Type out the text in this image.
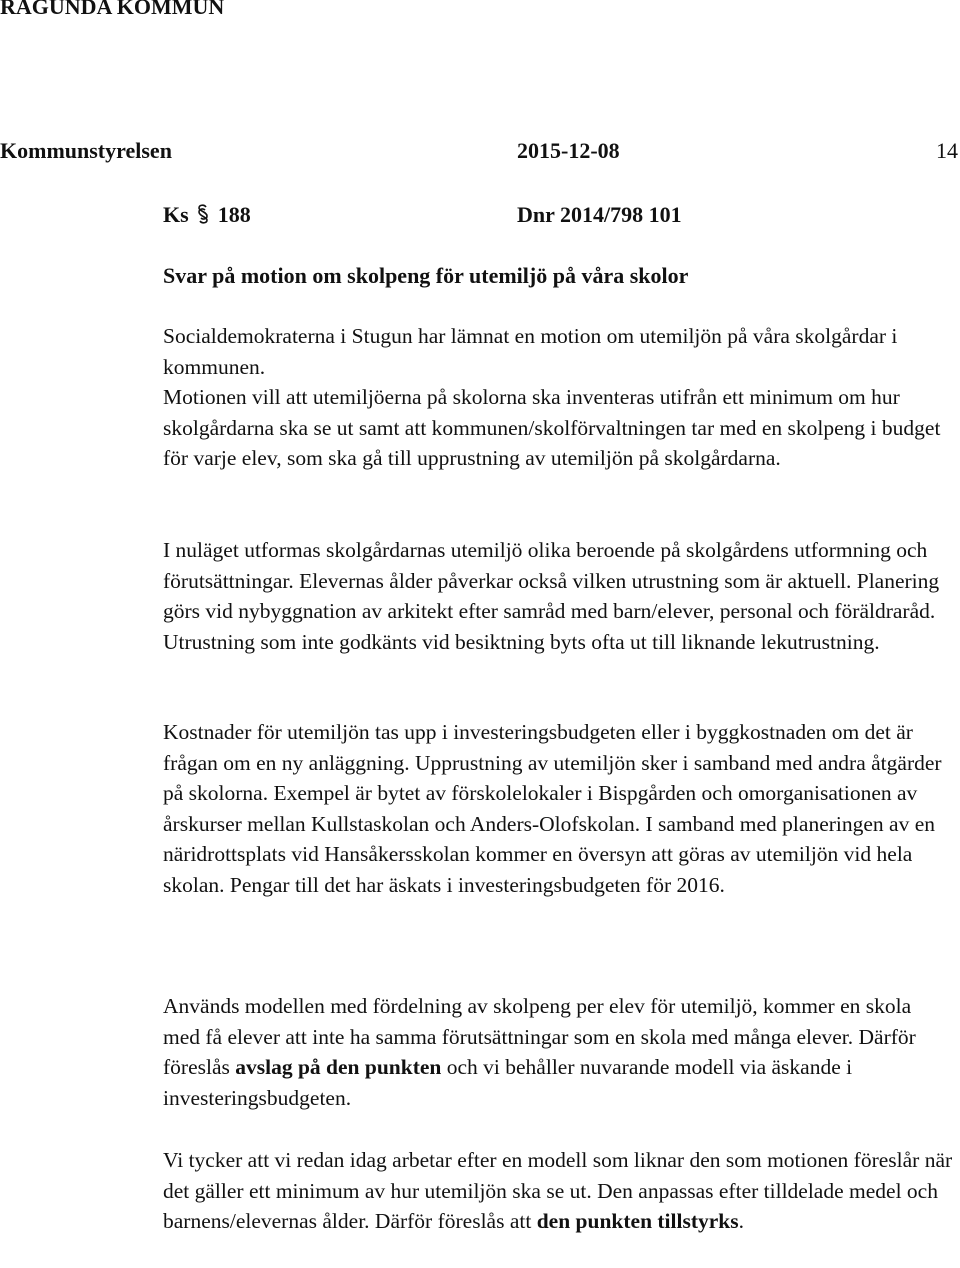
RAGUNDA KOMMUN
Kommunstyrelsen	2015-12-08	14
Ks 188	Dnr 2014/798 101
Svar på motion om skolpeng för utemiljö på våra skolor

Socialdemokraterna i Stugun har lämnat en motion om utemiljön på våra skolgårdar i kommunen.

Motionen vill att utemiljöerna på skolorna ska inventeras utifrån ett minimum om hur skolgårdarna ska se ut samt att kommunen/skolförvaltningen tar med en skolpeng i budget för varje elev, som ska gå till upprustning av utemiljön på skolgårdarna.

I nuläget utformas skolgårdarnas utemiljö olika beroende på skolgårdens utformning och förutsättningar. Elevernas ålder påverkar också vilken utrustning som är aktuell. Planering görs vid nybyggnation av arkitekt efter samråd med barn/elever, personal och föräldraråd. Utrustning som inte godkänts vid besiktning byts ofta ut till liknande lekutrustning.

Kostnader för utemiljön tas upp i investeringsbudgeten eller i byggkostnaden om det är frågan om en ny anläggning. Upprustning av utemiljön sker i samband med andra åtgärder på skolorna. Exempel är bytet av förskolelokaler i Bispgården och omorganisationen av årskurser mellan Kullstaskolan och Anders-Olofskolan. I samband med planeringen av en näridrottsplats vid Hansåkersskolan kommer en översyn att göras av utemiljön vid hela skolan. Pengar till det har äskats i investeringsbudgeten för 2016.

Används modellen med fördelning av skolpeng per elev för utemiljö, kommer en skola med få elever att inte ha samma förutsättningar som en skola med många elever. Därför föreslås avslag på den punkten och vi behåller nuvarande modell via äskande i investeringsbudgeten.

Vi tycker att vi redan idag arbetar efter en modell som liknar den som motionen föreslår när det gäller ett minimum av hur utemiljön ska se ut. Den anpassas efter tilldelade medel och barnens/elevernas ålder. Därför föreslås att den punkten tillstyrks.
